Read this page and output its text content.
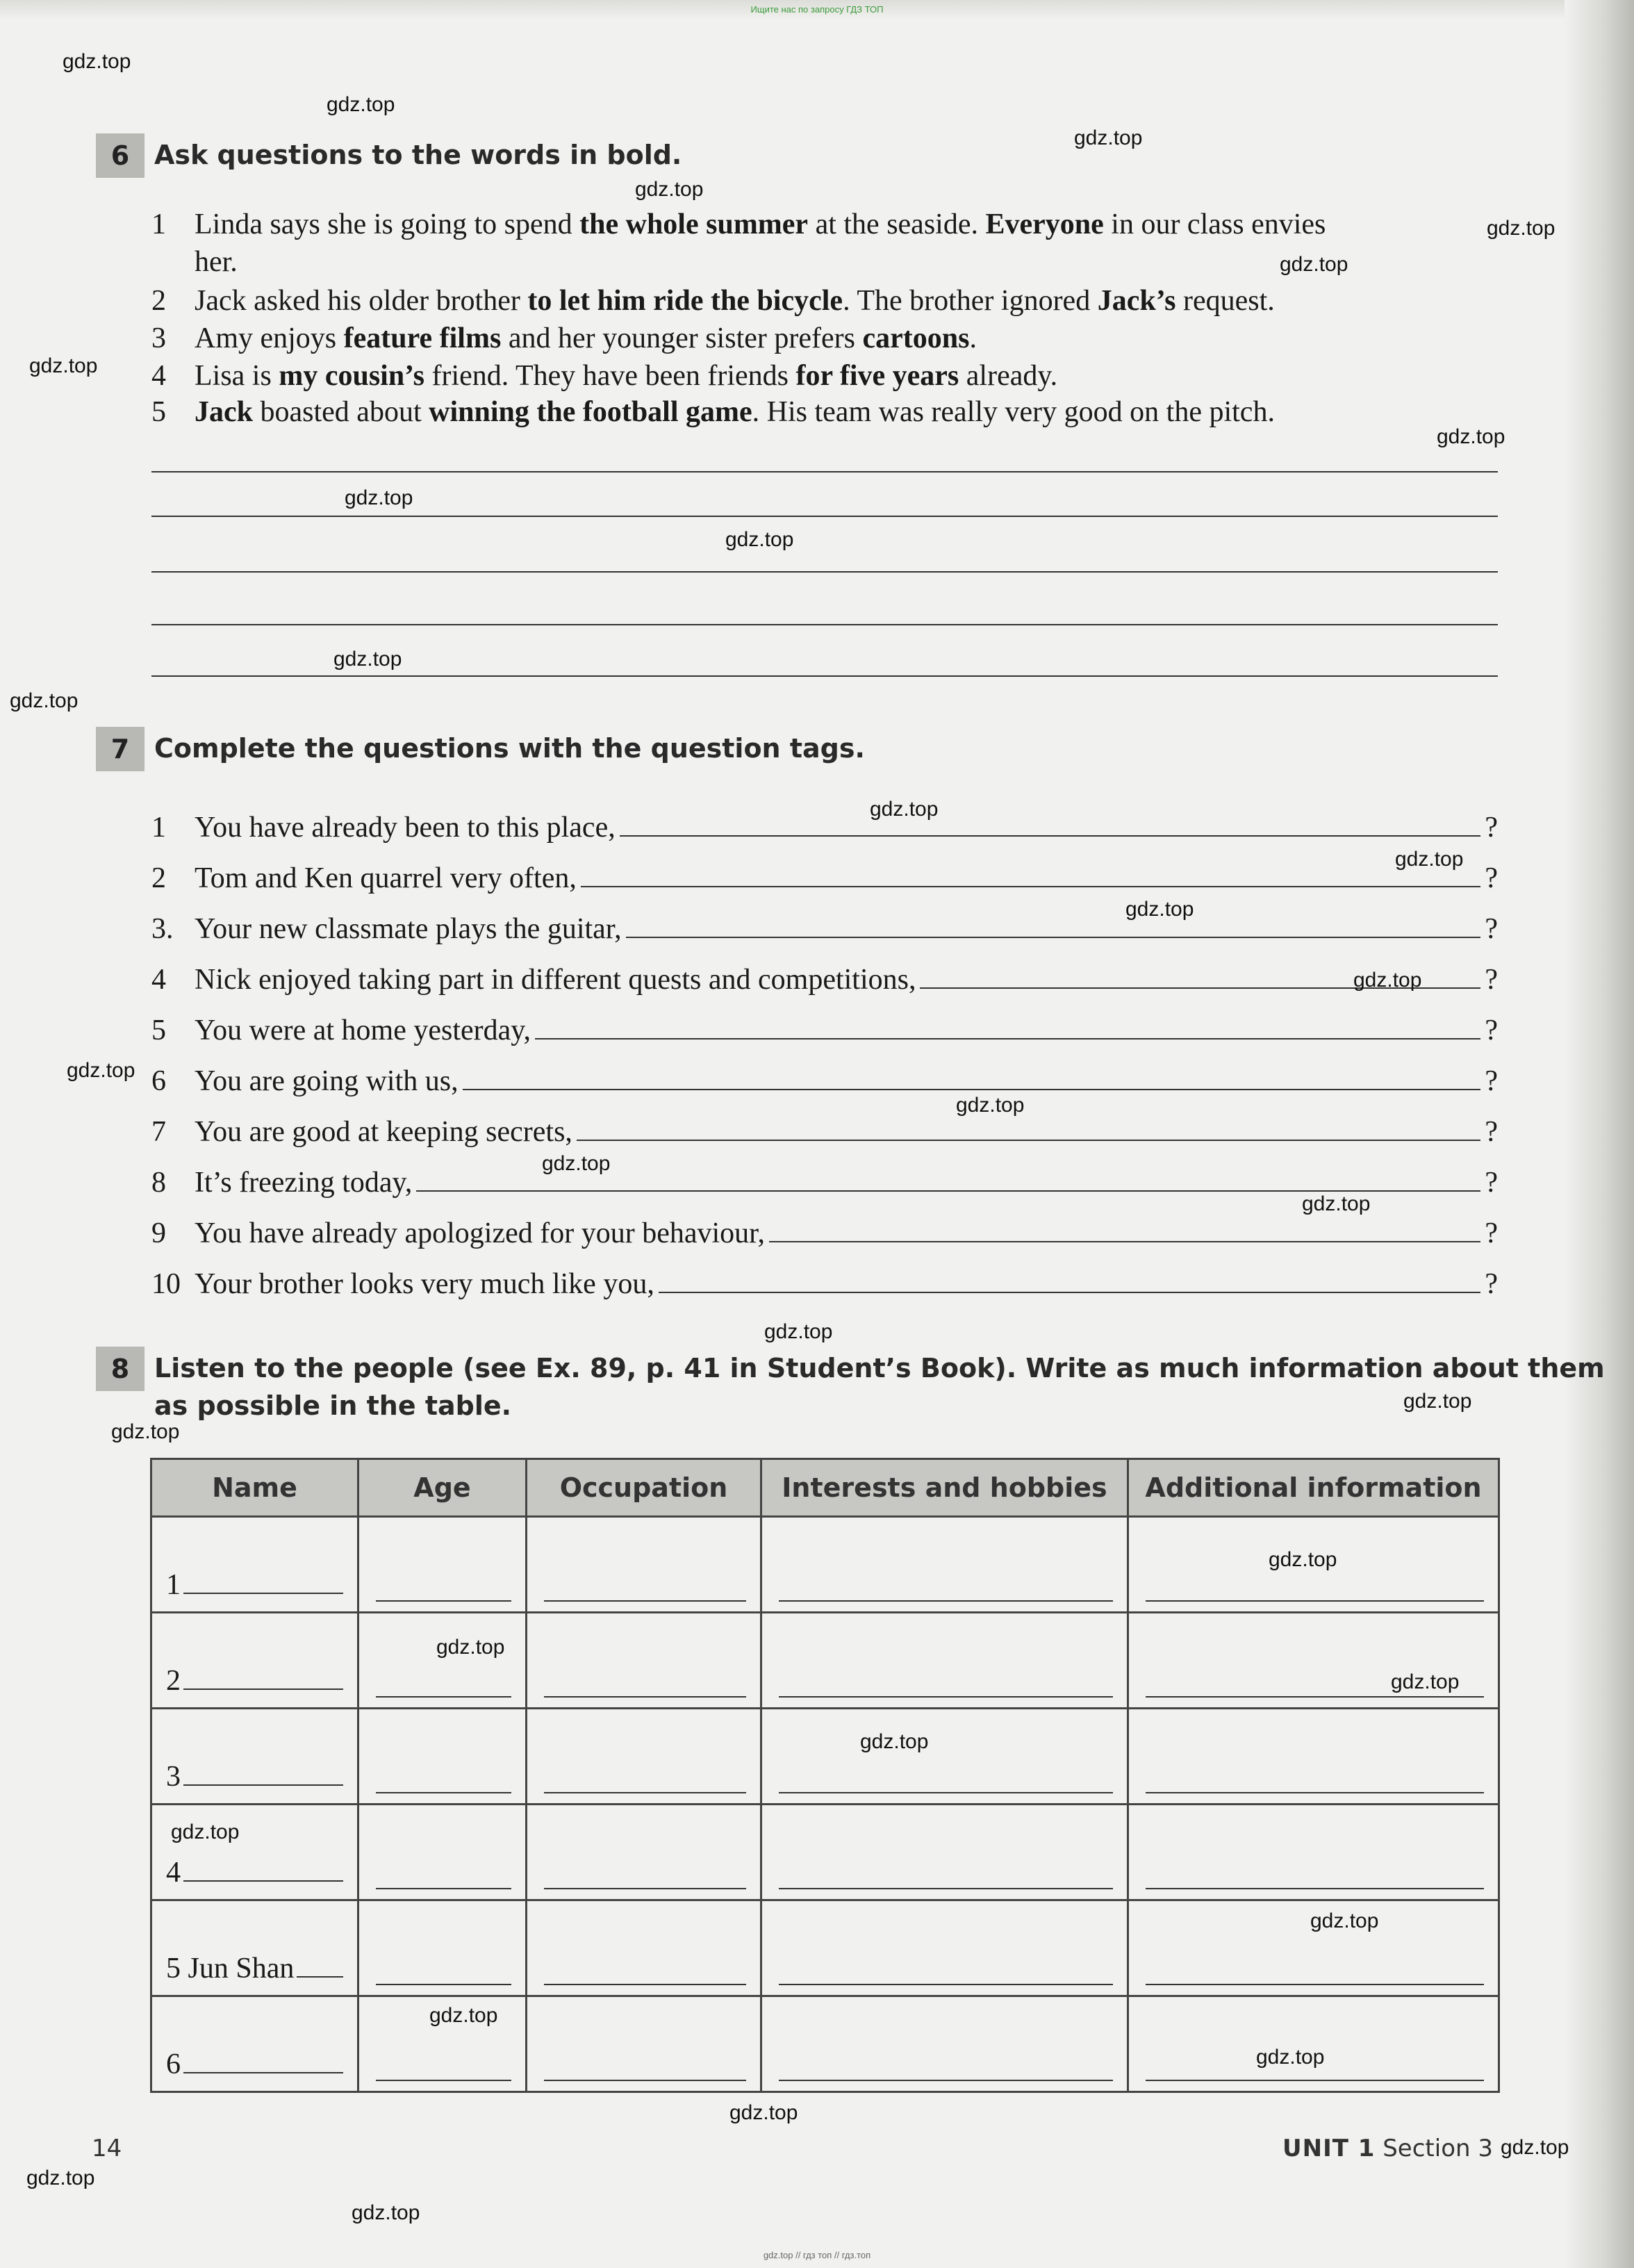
Ищите нас по запросу ГДЗ ТОП
6 Ask questions to the words in bold.
1 Linda says she is going to spend the whole summer at the seaside. Everyone in our class envies
her.
2 Jack asked his older brother to let him ride the bicycle. The brother ignored Jack’s request.
3 Amy enjoys feature films and her younger sister prefers cartoons.
4 Lisa is my cousin’s friend. They have been friends for five years already.
5 Jack boasted about winning the football game. His team was really very good on the pitch.
7 Complete the questions with the question tags.
1 You have already been to this place,	?
2 Tom and Ken quarrel very often,	?
3. Your new classmate plays the guitar,	?
4 Nick enjoyed taking part in different quests and competitions,	?
5 You were at home yesterday,	?
6 You are going with us,	?
7 You are good at keeping secrets,	?
8 It’s freezing today,	?
9 You have already apologized for your behaviour,	?
10 Your brother looks very much like you,	?
8 Listen to the people (see Ex. 89, p. 41 in Student’s Book). Write as much information about them
as possible in the table.
Name	Age	Occupation	Interests and hobbies	Additional information

1				

2				

3				

4				

5 Jun Shan				

6				

14	UNIT 1 Section 3
gdz.top // гдз топ // гдз.топ
gdz.top
gdz.top
gdz.top
gdz.top
gdz.top
gdz.top
gdz.top
gdz.top
gdz.top
gdz.top
gdz.top
gdz.top
gdz.top
gdz.top
gdz.top
gdz.top
gdz.top
gdz.top
gdz.top
gdz.top
gdz.top
gdz.top
gdz.top
gdz.top
gdz.top
gdz.top
gdz.top
gdz.top
gdz.top
gdz.top
gdz.top
gdz.top
gdz.top
gdz.top
gdz.top
